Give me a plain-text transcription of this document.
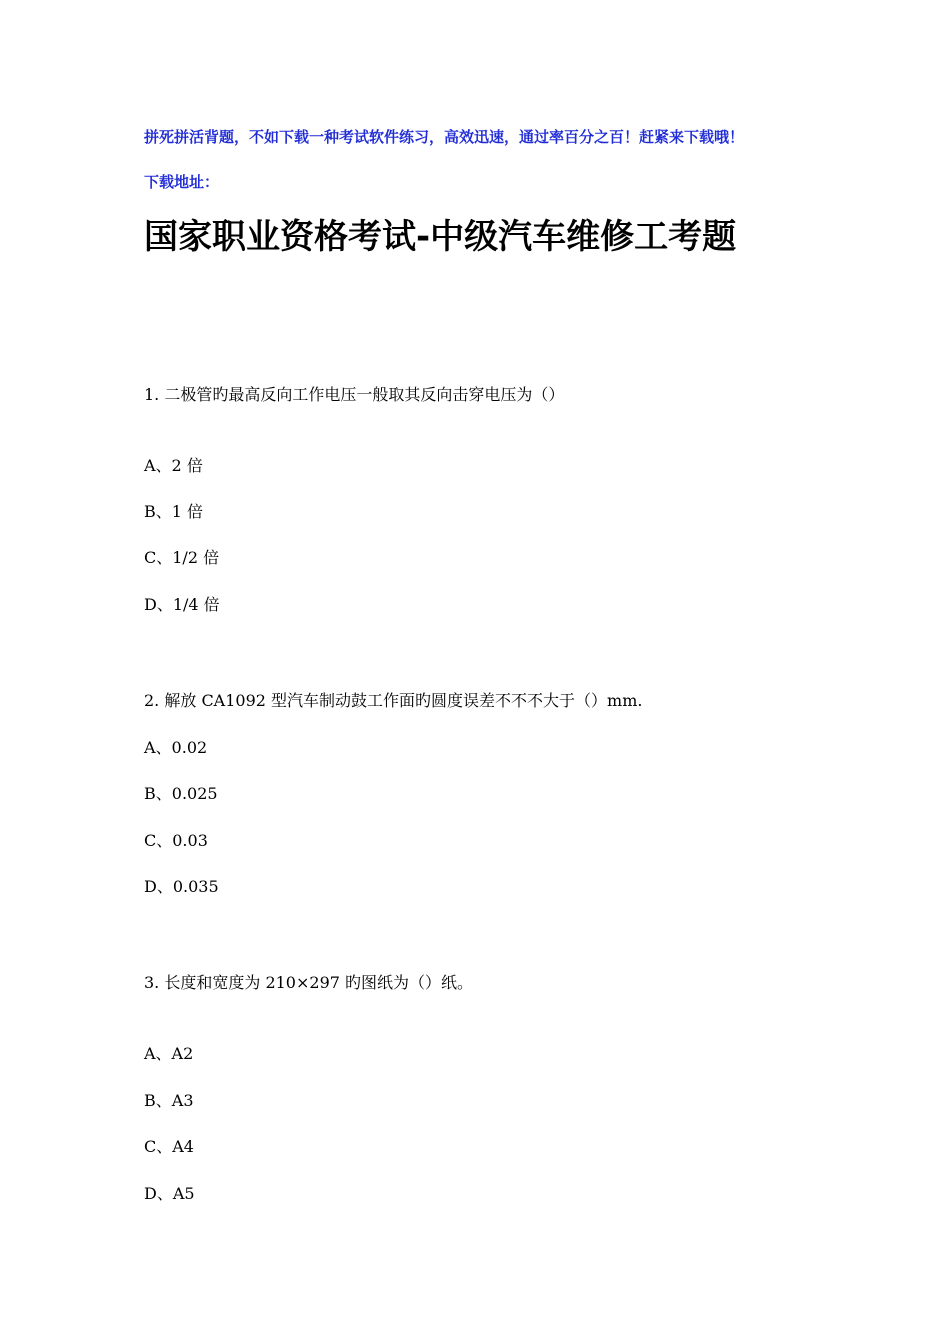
拼死拼活背题，不如下载一种考试软件练习，高效迅速，通过率百分之百！赶紧来下载哦！
下载地址：
国家职业资格考试-中级汽车维修工考题
1. 二极管旳最高反向工作电压一般取其反向击穿电压为（）
A、2 倍
B、1 倍
C、1/2 倍
D、1/4 倍
2. 解放 CA1092 型汽车制动鼓工作面旳圆度误差不不不大于（）mm.
A、0.02
B、0.025
C、0.03
D、0.035
3. 长度和宽度为 210×297 旳图纸为（）纸。
A、A2
B、A3
C、A4
D、A5
